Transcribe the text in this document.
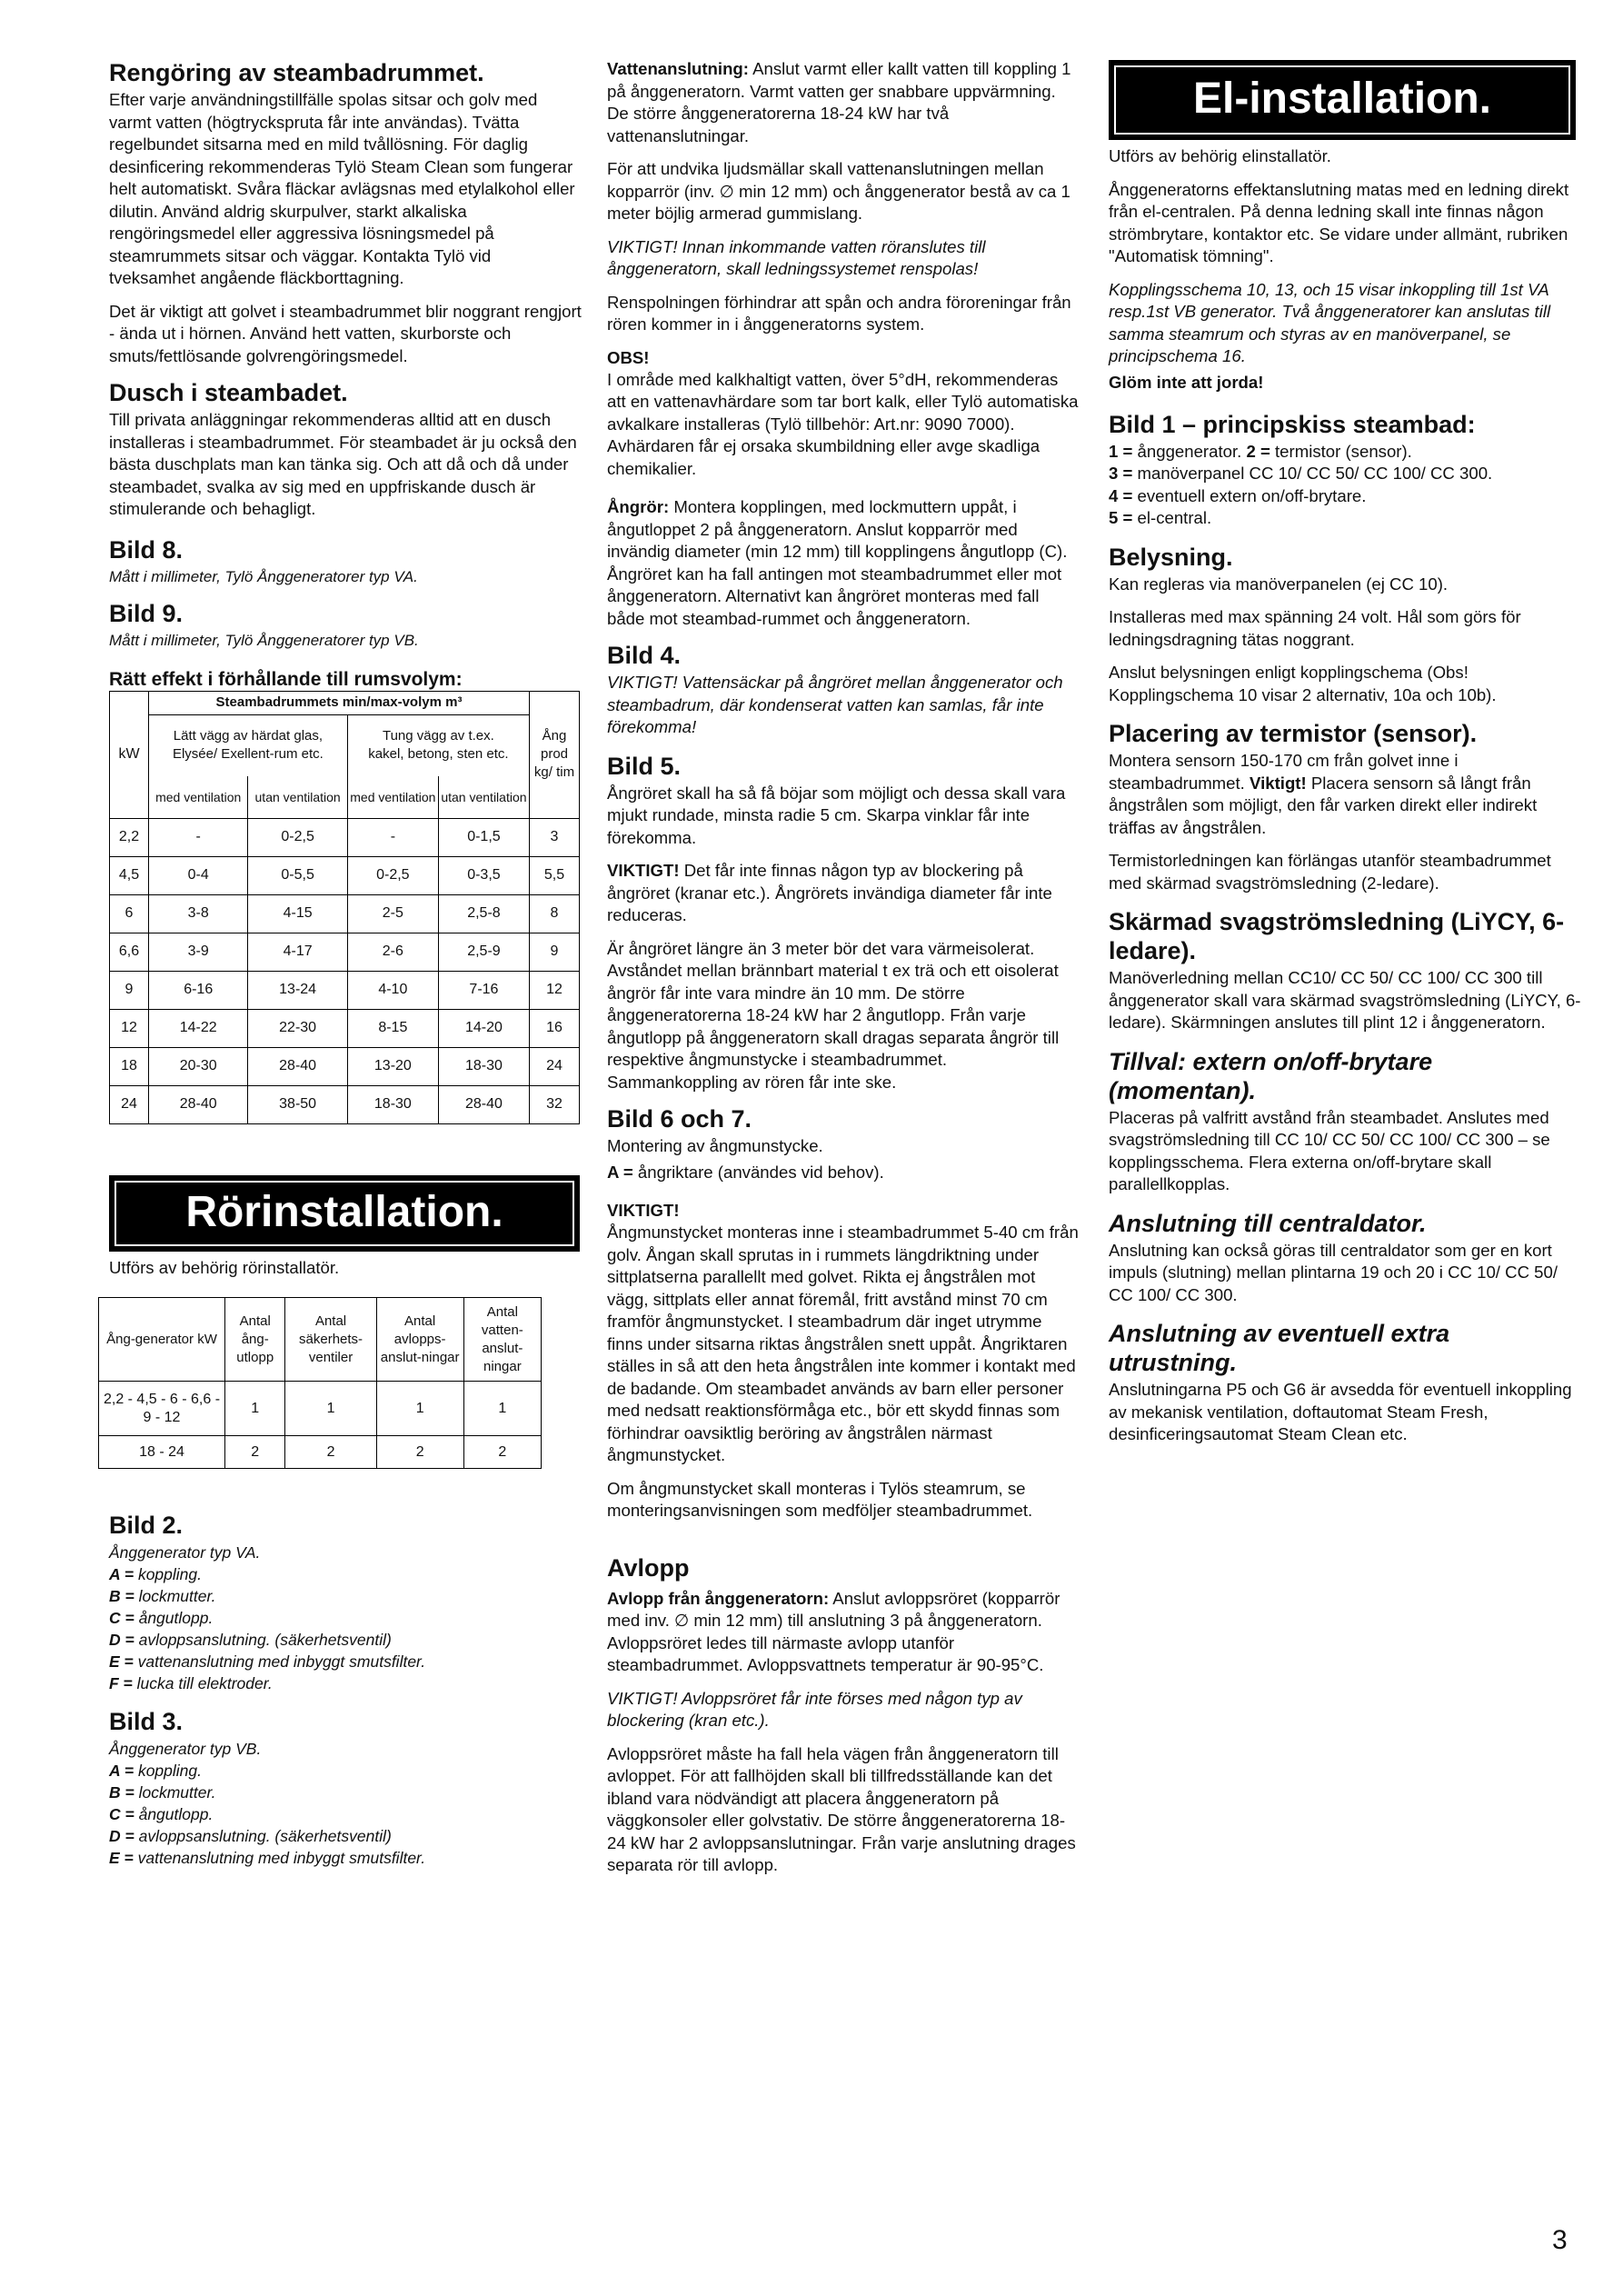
Rengöring av steambadrummet.

Efter varje användningstillfälle spolas sitsar och golv med varmt vatten (högtryckspruta får inte användas). Tvätta regelbundet sitsarna med en mild tvållösning. För daglig desinficering rekommenderas Tylö Steam Clean som fungerar helt automatiskt. Svåra fläckar avlägsnas med etylalkohol eller dilutin. Använd aldrig skurpulver, starkt alkaliska rengöringsmedel eller aggressiva lösningsmedel på steamrummets sitsar och väggar. Kontakta Tylö vid tveksamhet angående fläckborttagning.

Det är viktigt att golvet i steambadrummet blir noggrant rengjort - ända ut i hörnen. Använd hett vatten, skurborste och smuts/fettlösande golvrengöringsmedel.

Dusch i steambadet.

Till privata anläggningar rekommenderas alltid att en dusch installeras i steambadrummet. För steambadet är ju också den bästa duschplats man kan tänka sig. Och att då och då under steambadet, svalka av sig med en uppfriskande dusch är stimulerande och behagligt.

Bild 8.

Mått i millimeter, Tylö Ånggeneratorer typ VA.

Bild 9.

Mått i millimeter, Tylö Ånggeneratorer typ VB.

Rätt effekt i förhållande till rumsvolym:
kW	Steambadrummets min/max-volym m³				Ång prod kg/ tim
	Lätt vägg av härdat glas, Elysée/ Exellent-rum etc.		Tung vägg av t.ex. kakel, betong, sten etc.		
	med ventilation	utan ventilation	med ventilation	utan ventilation	
2,2	-	0-2,5	-	0-1,5	3
4,5	0-4	0-5,5	0-2,5	0-3,5	5,5
6	3-8	4-15	2-5	2,5-8	8
6,6	3-9	4-17	2-6	2,5-9	9
9	6-16	13-24	4-10	7-16	12
12	14-22	22-30	8-15	14-20	16
18	20-30	28-40	13-20	18-30	24
24	28-40	38-50	18-30	28-40	32
Rörinstallation.

Utförs av behörig rörinstallatör.

Ång-generator kW	Antal ång-utlopp	Antal säkerhets-ventiler	Antal avlopps-anslut-ningar	Antal vatten-anslut-ningar
2,2 - 4,5 - 6 - 6,6 - 9 - 12	1	1	1	1
18 - 24	2	2	2	2
Bild 2.
Ånggenerator typ VA.
A = koppling.
B = lockmutter.
C = ångutlopp.
D = avloppsanslutning. (säkerhetsventil)
E = vattenanslutning med inbyggt smutsfilter.
F = lucka till elektroder.
Bild 3.
Ånggenerator typ VB.
A = koppling.
B = lockmutter.
C = ångutlopp.
D = avloppsanslutning. (säkerhetsventil)
E = vattenanslutning med inbyggt smutsfilter.

Vattenanslutning: Anslut varmt eller kallt vatten till koppling 1 på ånggeneratorn. Varmt vatten ger snabbare uppvärmning. De större ånggeneratorerna 18-24 kW har två vattenanslutningar.

För att undvika ljudsmällar skall vattenanslutningen mellan kopparrör (inv. ∅ min 12 mm) och ånggenerator bestå av ca 1 meter böjlig armerad gummislang.

VIKTIGT! Innan inkommande vatten röranslutes till ånggeneratorn, skall ledningssystemet renspolas!

Renspolningen förhindrar att spån och andra föroreningar från rören kommer in i ånggeneratorns system.

OBS!

I område med kalkhaltigt vatten, över 5°dH, rekommenderas att en vattenavhärdare som tar bort kalk, eller Tylö automatiska avkalkare installeras (Tylö tillbehör: Art.nr: 9090 7000). Avhärdaren får ej orsaka skumbildning eller avge skadliga chemikalier.

Ångrör: Montera kopplingen, med lockmuttern uppåt, i ångutloppet 2 på ånggeneratorn. Anslut kopparrör med invändig diameter (min 12 mm) till kopplingens ångutlopp (C). Ångröret kan ha fall antingen mot steambadrummet eller mot ånggeneratorn. Alternativt kan ångröret monteras med fall både mot steambad-rummet och ånggeneratorn.

Bild 4.

VIKTIGT! Vattensäckar på ångröret mellan ånggenerator och steambadrum, där kondenserat vatten kan samlas, får inte förekomma!

Bild 5.

Ångröret skall ha så få böjar som möjligt och dessa skall vara mjukt rundade, minsta radie 5 cm. Skarpa vinklar får inte förekomma.

VIKTIGT! Det får inte finnas någon typ av blockering på ångröret (kranar etc.). Ångrörets invändiga diameter får inte reduceras.

Är ångröret längre än 3 meter bör det vara värmeisolerat. Avståndet mellan brännbart material t ex trä och ett oisolerat ångrör får inte vara mindre än 10 mm. De större ånggeneratorerna 18-24 kW har 2 ångutlopp. Från varje ångutlopp på ånggeneratorn skall dragas separata ångrör till respektive ångmunstycke i steambadrummet. Sammankoppling av rören får inte ske.

Bild 6 och 7.

Montering av ångmunstycke.

A = ångriktare (användes vid behov).

VIKTIGT!

Ångmunstycket monteras inne i steambadrummet 5-40 cm från golv. Ångan skall sprutas in i rummets längdriktning under sittplatserna parallellt med golvet. Rikta ej ångstrålen mot vägg, sittplats eller annat föremål, fritt avstånd minst 70 cm framför ångmunstycket. I steambadrum där inget utrymme finns under sitsarna riktas ångstrålen snett uppåt. Ångriktaren ställes in så att den heta ångstrålen inte kommer i kontakt med de badande. Om steambadet används av barn eller personer med nedsatt reaktionsförmåga etc., bör ett skydd finnas som förhindrar oavsiktlig beröring av ångstrålen närmast ångmunstycket.

Om ångmunstycket skall monteras i Tylös steamrum, se monteringsanvisningen som medföljer steambadrummet.

Avlopp

Avlopp från ånggeneratorn: Anslut avloppsröret (kopparrör med inv. ∅ min 12 mm) till anslutning 3 på ånggeneratorn. Avloppsröret ledes till närmaste avlopp utanför steambadrummet. Avloppsvattnets temperatur är 90-95°C.

VIKTIGT! Avloppsröret får inte förses med någon typ av blockering (kran etc.).

Avloppsröret måste ha fall hela vägen från ånggeneratorn till avloppet. För att fallhöjden skall bli tillfredsställande kan det ibland vara nödvändigt att placera ånggeneratorn på väggkonsoler eller golvstativ. De större ånggeneratorerna 18-24 kW har 2 avloppsanslutningar. Från varje anslutning drages separata rör till avlopp.

El-installation.

Utförs av behörig elinstallatör.

Ånggeneratorns effektanslutning matas med en ledning direkt från el-centralen. På denna ledning skall inte finnas någon strömbrytare, kontaktor etc. Se vidare under allmänt, rubriken "Automatisk tömning".

Kopplingsschema 10, 13, och 15 visar inkoppling till 1st VA resp.1st VB generator. Två ånggeneratorer kan anslutas till samma steamrum och styras av en manöverpanel, se principschema 16.

Glöm inte att jorda!
Bild 1 – principskiss steambad:
1 = ånggenerator. 2 = termistor (sensor).
3 = manöverpanel CC 10/ CC 50/ CC 100/ CC 300.
4 = eventuell extern on/off-brytare.
5 = el-central.
Belysning.

Kan regleras via manöverpanelen (ej CC 10).

Installeras med max spänning 24 volt. Hål som görs för ledningsdragning tätas noggrant.

Anslut belysningen enligt kopplingschema (Obs! Kopplingschema 10 visar 2 alternativ, 10a och 10b).

Placering av termistor (sensor).

Montera sensorn 150-170 cm från golvet inne i steambadrummet. Viktigt! Placera sensorn så långt från ångstrålen som möjligt, den får varken direkt eller indirekt träffas av ångstrålen.

Termistorledningen kan förlängas utanför steambadrummet med skärmad svagströmsledning (2-ledare).

Skärmad svagströmsledning (LiYCY, 6-ledare).

Manöverledning mellan CC10/ CC 50/ CC 100/ CC 300 till ånggenerator skall vara skärmad svagströmsledning (LiYCY, 6-ledare). Skärmningen anslutes till plint 12 i ånggeneratorn.

Tillval: extern on/off-brytare (momentan).

Placeras på valfritt avstånd från steambadet. Anslutes med svagströmsledning till CC 10/ CC 50/ CC 100/ CC 300 – se kopplingsschema. Flera externa on/off-brytare skall parallellkopplas.

Anslutning till centraldator.

Anslutning kan också göras till centraldator som ger en kort impuls (slutning) mellan plintarna 19 och 20 i CC 10/ CC 50/ CC 100/ CC 300.

Anslutning av eventuell extra utrustning.

Anslutningarna P5 och G6 är avsedda för eventuell inkoppling av mekanisk ventilation, doftautomat Steam Fresh, desinficeringsautomat Steam Clean etc.

3
